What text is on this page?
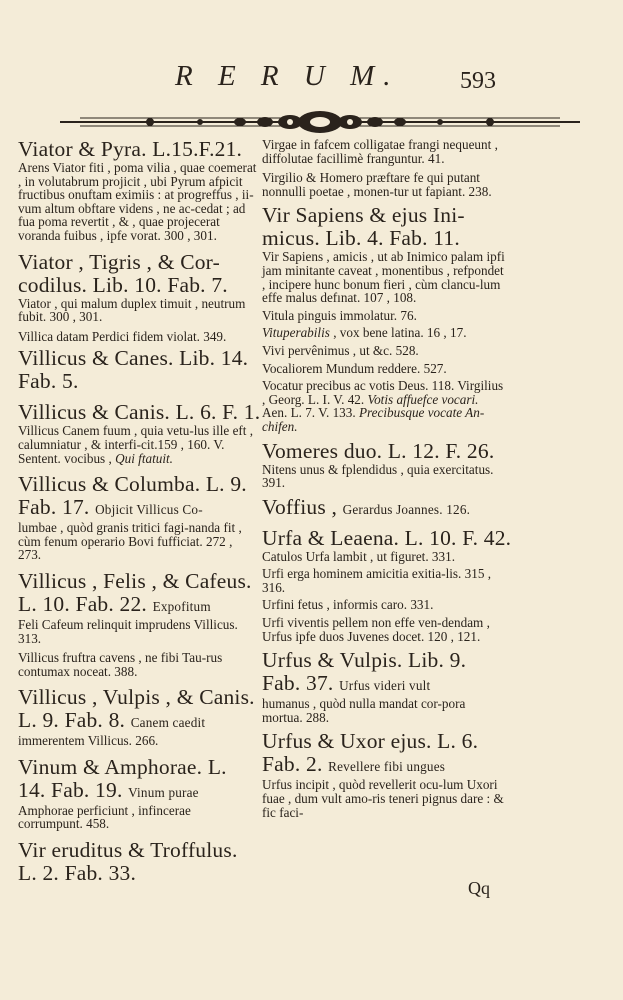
R E R U M.	593
Viator & Pyra. L.15.F.21.
Arens Viator fiti , poma vilia , quae coemerat , in volutabrum projicit , ubi Pyrum afpicit fructibus onuftam eximiis : at progreffus , ii-vum altum obftare videns , ne ac-cedat ; ad fua poma revertit , & , quae projecerat voranda fuibus , ipfe vorat. 300 , 301.
Viator , Tigris , & Cor-codilus. Lib. 10. Fab. 7.
Viator , qui malum duplex timuit , neutrum fubit. 300 , 301.
Villica datam Perdici fidem violat. 349.
Villicus & Canes. Lib. 14. Fab. 5.
Villicus & Canis. L. 6. F. 1.
Villicus Canem fuum , quia vetu-lus ille eft , calumniatur , & interfi-cit.159 , 160. V. Sentent. vocibus , Qui ftatuit.
Villicus & Columba. L. 9. Fab. 17. Objicit Villicus Co-
lumbae , quòd granis tritici fagi-nanda fit , cùm fenum operario Bovi fufficiat. 272 , 273.
Villicus , Felis , & Cafeus. L. 10. Fab. 22. Expofitum
Feli Cafeum relinquit imprudens Villicus. 313.
Villicus fruftra cavens , ne fibi Tau-rus contumax noceat. 388.
Villicus , Vulpis , & Canis. L. 9. Fab. 8. Canem caedit
immerentem Villicus. 266.
Vinum & Amphorae. L. 14. Fab. 19. Vinum purae
Amphorae perficiunt , infincerae corrumpunt. 458.
Vir eruditus & Troffulus. L. 2. Fab. 33.
Virgae in fafcem colligatae frangi nequeunt , diffolutae facillimè franguntur. 41.
Virgilio & Homero præftare fe qui putant nonnulli poetae , monen-tur ut fapiant. 238.
Vir Sapiens & ejus Ini-micus. Lib. 4. Fab. 11.
Vir Sapiens , amicis , ut ab Inimico palam ipfi jam minitante caveat , monentibus , refpondet , incipere hunc bonum fieri , cùm clancu-lum effe malus defınat. 107 , 108.
Vitula pinguis immolatur. 76.
Vituperabilis , vox bene latina. 16 , 17.
Vivi pervênimus , ut &c. 528.
Vocaliorem Mundum reddere. 527.
Vocatur precibus ac votis Deus. 118. Virgilius , Georg. L. I. V. 42. Votis affuefce vocari. Aen. L. 7. V. 133. Precibusque vocate An-chifen.
Vomeres duo. L. 12. F. 26.
Nitens unus & fplendidus , quia exercitatus. 391.
Voffius , Gerardus Joannes. 126.
Urfa & Leaena. L. 10. F. 42.
Catulos Urfa lambit , ut figuret. 331.
Urfi erga hominem amicitia exitia-lis. 315 , 316.
Urfini fetus , informis caro. 331.
Urfi viventis pellem non effe ven-dendam , Urfus ipfe duos Juvenes docet. 120 , 121.
Urfus & Vulpis. Lib. 9. Fab. 37. Urfus videri vult
humanus , quòd nulla mandat cor-pora mortua. 288.
Urfus & Uxor ejus. L. 6. Fab. 2. Revellere fibi ungues
Urfus incipit , quòd revellerit ocu-lum Uxori fuae , dum vult amo-ris teneri pignus dare : & fic faci-
Qq
